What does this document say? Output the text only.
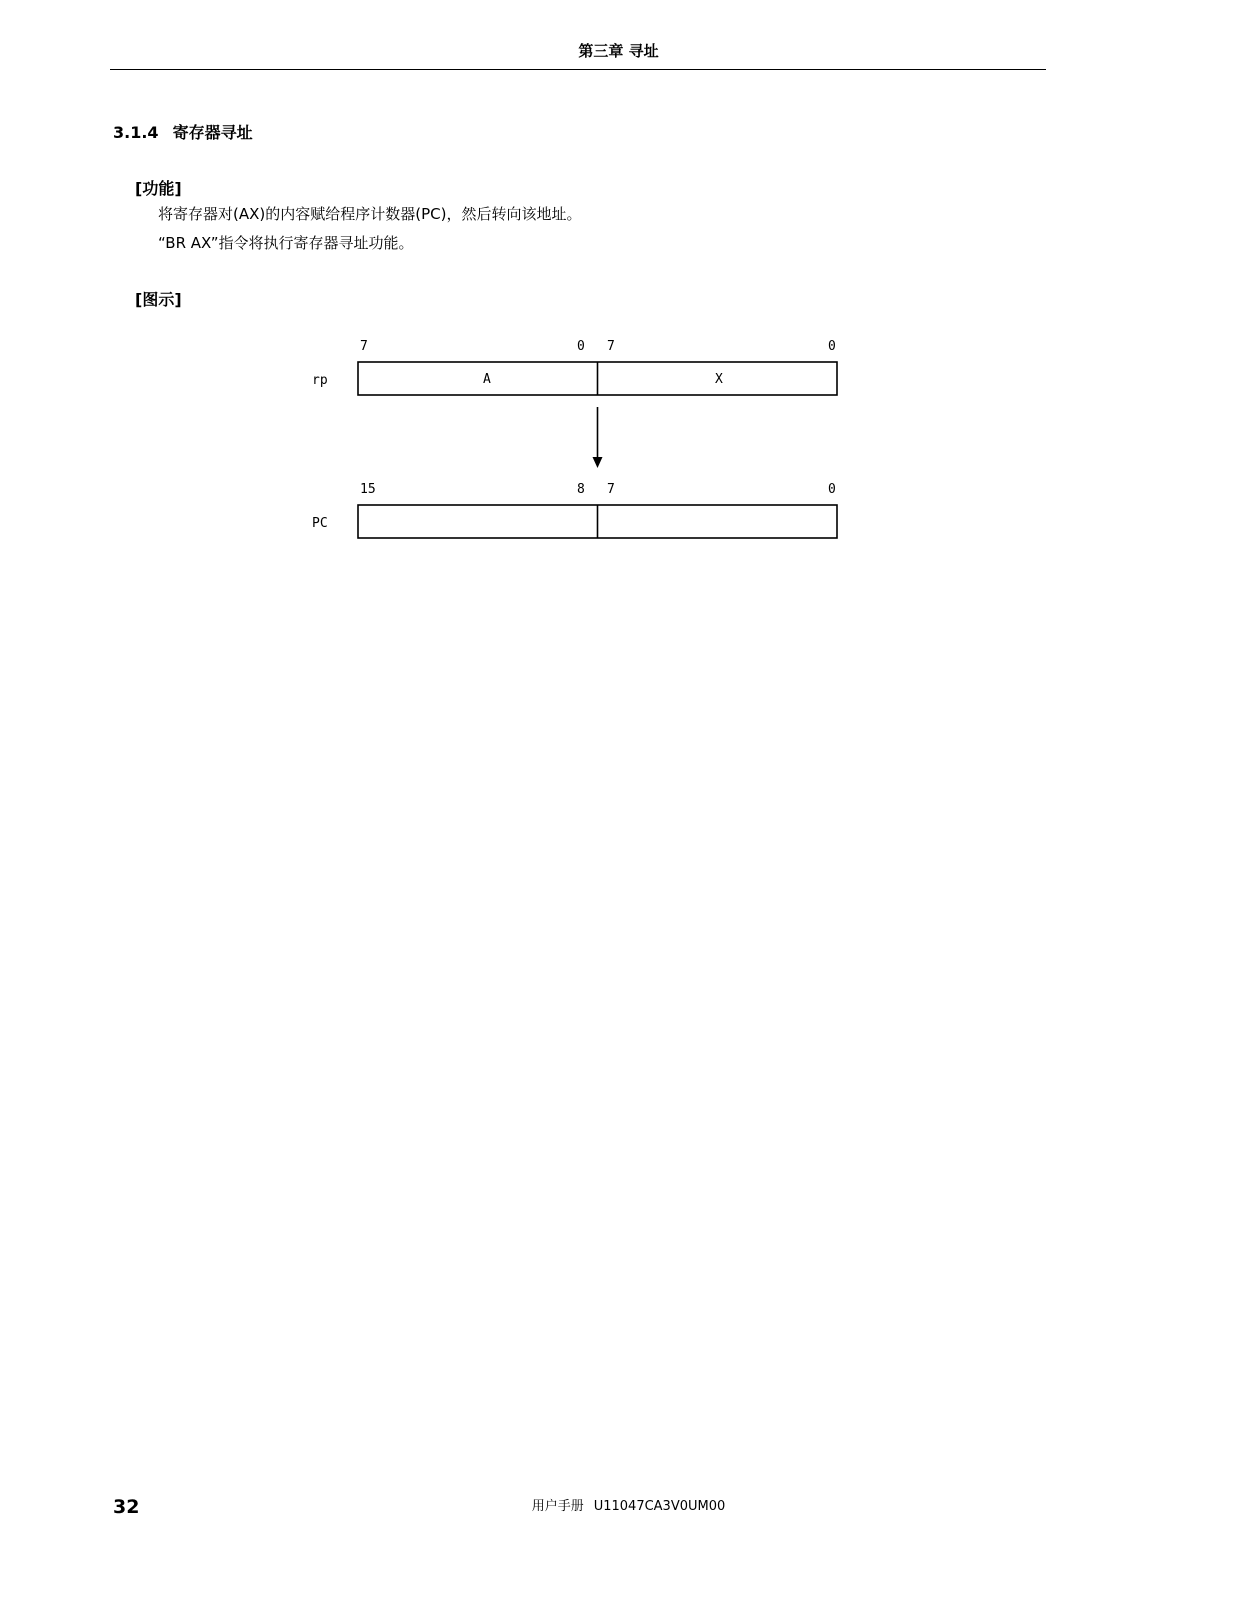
第三章 寻址
3.1.4 寄存器寻址
[功能]
将寄存器对(AX)的内容赋给程序计数器(PC)，然后转向该地址。
“BR AX”指令将执行寄存器寻址功能。
[图示]
7	0 7	0
rp	A	X
15	8 7	0
PC
32	用户手册 U11047CA3V0UM00
